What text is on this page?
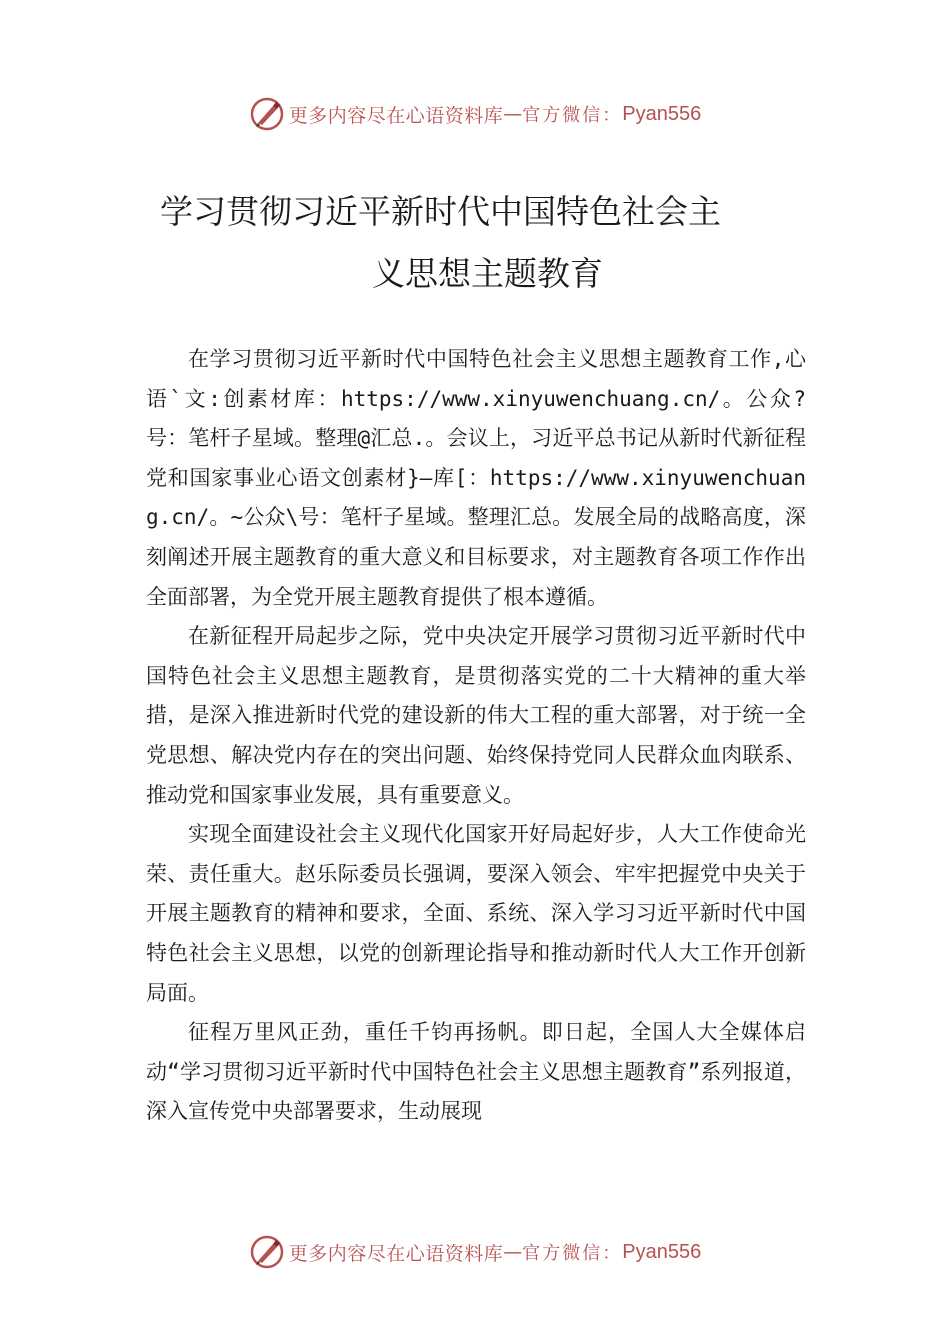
更多内容尽在心语资料库 — 官方微信： Pyan556
学习贯彻习近平新时代中国特色社会主
义思想主题教育

在学习贯彻习近平新时代中国特色社会主义思想主题教育工作,心语`文:创素材库：https://www.xinyuwenchuang.cn/。公众?号：笔杆子星域。整理@汇总.。会议上，习近平总书记从新时代新征程党和国家事业心语文创素材}—库[：https://www.xinyuwenchuang.cn/。~公众\号：笔杆子星域。整理汇总。发展全局的战略高度，深刻阐述开展主题教育的重大意义和目标要求，对主题教育各项工作作出全面部署，为全党开展主题教育提供了根本遵循。

在新征程开局起步之际，党中央决定开展学习贯彻习近平新时代中国特色社会主义思想主题教育，是贯彻落实党的二十大精神的重大举措，是深入推进新时代党的建设新的伟大工程的重大部署，对于统一全党思想、解决党内存在的突出问题、始终保持党同人民群众血肉联系、推动党和国家事业发展，具有重要意义。

实现全面建设社会主义现代化国家开好局起好步，人大工作使命光荣、责任重大。赵乐际委员长强调，要深入领会、牢牢把握党中央关于开展主题教育的精神和要求，全面、系统、深入学习习近平新时代中国特色社会主义思想，以党的创新理论指导和推动新时代人大工作开创新局面。

征程万里风正劲，重任千钧再扬帆。即日起，全国人大全媒体启动“学习贯彻习近平新时代中国特色社会主义思想主题教育”系列报道，深入宣传党中央部署要求，生动展现

更多内容尽在心语资料库 — 官方微信： Pyan556
